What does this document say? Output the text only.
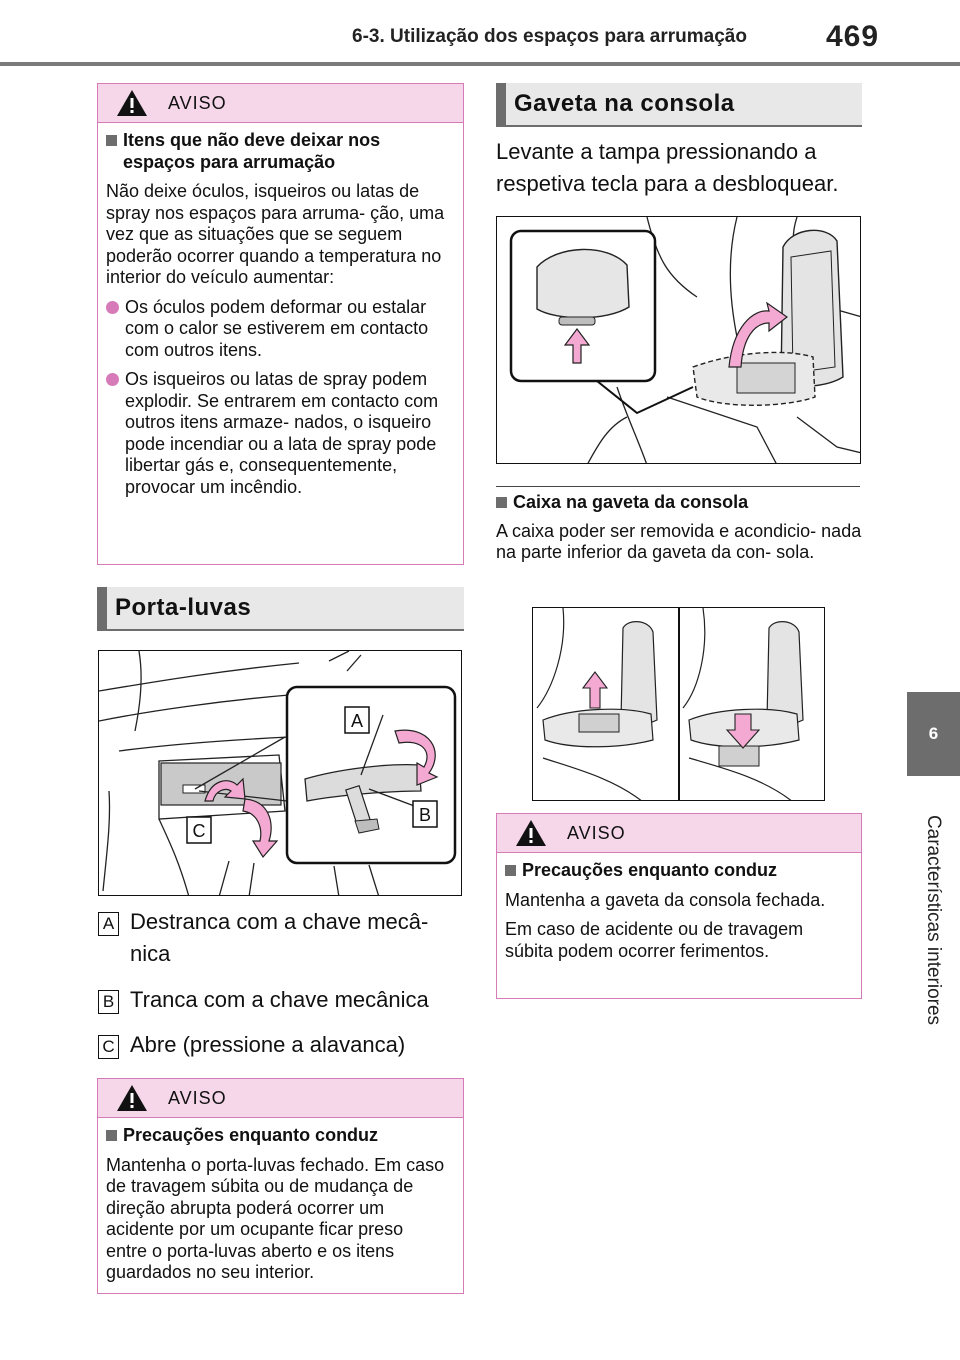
6-3. Utilização dos espaços para arrumação	469
6
Características interiores
AVISO
Itens que não deve deixar nos espaços para arrumação

Não deixe óculos, isqueiros ou latas de spray nos espaços para arruma- ção, uma vez que as situações que se seguem poderão ocorrer quando a temperatura no interior do veículo aumentar:

Os óculos podem deformar ou estalar com o calor se estiverem em contacto com outros itens.
Os isqueiros ou latas de spray podem explodir. Se entrarem em contacto com outros itens armaze- nados, o isqueiro pode incendiar ou a lata de spray pode libertar gás e, consequentemente, provocar um incêndio.
Porta-luvas
A
B
C
A Destranca com a chave mecâ- nica
B Tranca com a chave mecânica
C Abre (pressione a alavanca)
AVISO
Precauções enquanto conduz

Mantenha o porta-luvas fechado. Em caso de travagem súbita ou de mudança de direção abrupta poderá ocorrer um acidente por um ocupante ficar preso entre o porta-luvas aberto e os itens guardados no seu interior.

Gaveta na consola
Levante a tampa pressionando a respetiva tecla para a desbloquear.
Caixa na gaveta da consola
A caixa poder ser removida e acondicio- nada na parte inferior da gaveta da con- sola.
AVISO
Precauções enquanto conduz

Mantenha a gaveta da consola fechada.

Em caso de acidente ou de travagem súbita podem ocorrer ferimentos.
